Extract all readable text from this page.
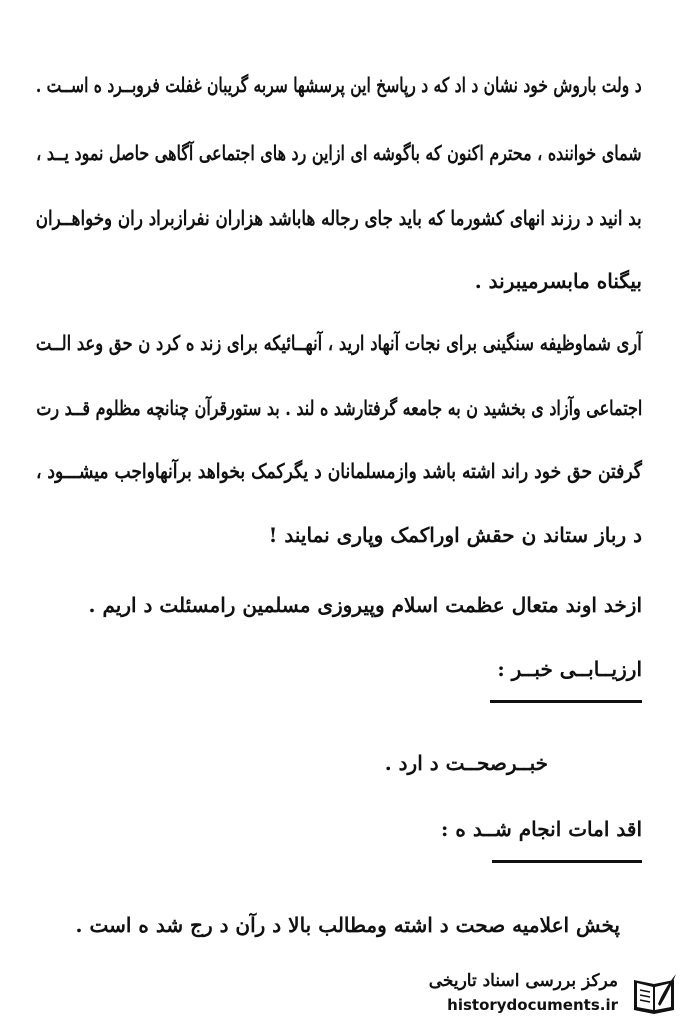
د ولت باروش خود نشان د اد که د رپاسخ این پرسشها سربه گریبان غفلت فروبــرد ه اســت .
شمای خواننده ، محترم اکنون که باگوشه ای ازاین رد های اجتماعی آگاهی حاصل نمود یــد ،
بد انید د رزند انهای کشورما که باید جای رجاله هاباشد هزاران نفرازبراد ران وخواهــران
بیگناه مابسرمیبرند .
آری شماوظیفه سنگینی برای نجات آنهاد ارید ، آنهــائیکه برای زند ه کرد ن حق وعد الــت
اجتماعی وآزاد ی بخشید ن به جامعه گرفتارشد ه لند . بد ستورقرآن چنانچه مظلوم قــد رت
گرفتن حق خود راند اشته باشد وازمسلمانان د یگرکمک بخواهد برآنهاواجب میشـــود ،
د رباز ستاند ن حقش اوراکمک وپاری نمایند !
ازخد اوند متعال عظمت اسلام وپیروزی مسلمین رامسئلت د اریم .
ارزیــابــی خبــر :
خبــرصحــت د ارد .
اقد امات انجام شــد ه :
پخش اعلامیه صحت د اشته ومطالب بالا د رآن د رج شد ه است .
مرکز بررسی اسناد تاریخی
historydocuments.ir
